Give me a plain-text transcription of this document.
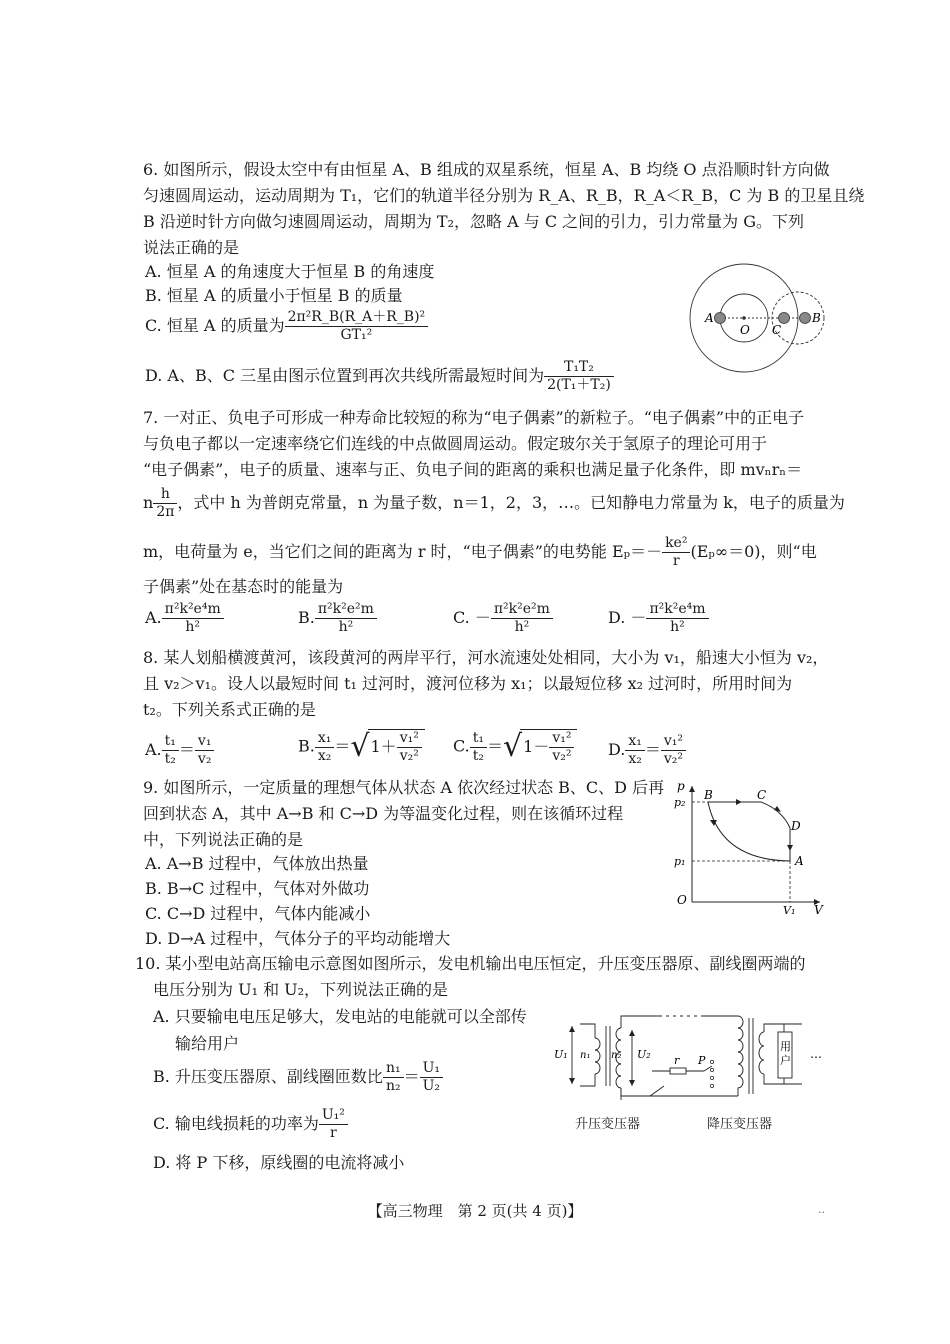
6. 如图所示，假设太空中有由恒星 A、B 组成的双星系统，恒星 A、B 均绕 O 点沿顺时针方向做
匀速圆周运动，运动周期为 T₁，它们的轨道半径分别为 R_A、R_B，R_A＜R_B，C 为 B 的卫星且绕
B 沿逆时针方向做匀速圆周运动，周期为 T₂，忽略 A 与 C 之间的引力，引力常量为 G。下列
说法正确的是
A. 恒星 A 的角速度大于恒星 B 的角速度
B. 恒星 A 的质量小于恒星 B 的质量
C. 恒星 A 的质量为 $\frac{\text{2π²R\_B(R\_A＋R\_B)²}}{\text{GT₁²}}$
D. A、B、C 三星由图示位置到再次共线所需最短时间为 $\frac{\text{T₁T₂}}{\text{2(T₁＋T₂)}}$
A
O C
B
7. 一对正、负电子可形成一种寿命比较短的称为“电子偶素”的新粒子。“电子偶素”中的正电子
与负电子都以一定速率绕它们连线的中点做圆周运动。假定玻尔关于氢原子的理论可用于
“电子偶素”，电子的质量、速率与正、负电子间的距离的乘积也满足量子化条件，即 mvₙrₙ＝
n $\frac{h}{2\pi}$ ，式中 h 为普朗克常量，n 为量子数，n＝1，2，3，…。已知静电力常量为 k，电子的质量为
m，电荷量为 e，当它们之间的距离为 r 时，“电子偶素”的电势能 $E_p=- \frac{\text{ke²}}{r} (E_p\infty=0)$，则“电
子偶素”处在基态时的能量为
A. $\frac{\text{π²k²e⁴m}}{\text{h²}}$	B. $\frac{\text{π²k²e²m}}{\text{h²}}$	C. － $\frac{\text{π²k²e²m}}{\text{h²}}$	D. － $\frac{\text{π²k²e⁴m}}{\text{h²}}$
8. 某人划船横渡黄河，该段黄河的两岸平行，河水流速处处相同，大小为 v₁，船速大小恒为 v₂，
且 v₂＞v₁。设人以最短时间 t₁ 过河时，渡河位移为 x₁；以最短位移 x₂ 过河时，所用时间为
t₂。下列关系式正确的是
A. $\frac{\text{t₁}}{\text{t₂}} = \frac{\text{v₁}}{\text{v₂}}$	B. $\frac{\text{x₁}}{\text{x₂}} =√1+ \frac{\text{v₁²}}{\text{v₂²}} C$. $\frac{\text{t₁}}{\text{t₂}} =√1- \frac{\text{v₁²}}{\text{v₂²}} D$. $\frac{\text{x₁}}{\text{x₂}} = \frac{\text{v₁²}}{\text{v₂²}}$
9. 如图所示，一定质量的理想气体从状态 A 依次经过状态 B、C、D 后再
回到状态 A，其中 A→B 和 C→D 为等温变化过程，则在该循环过程
中，下列说法正确的是
A. A→B 过程中，气体放出热量
B. B→C 过程中，气体对外做功
C. C→D 过程中，气体内能减小
D. D→A 过程中，气体分子的平均动能增大
p
p₂
p₁
O
V₁ V
B	C
D
A
10. 某小型电站高压输电示意图如图所示，发电机输出电压恒定，升压变压器原、副线圈两端的
电压分别为 U₁ 和 U₂，下列说法正确的是
A. 只要输电电压足够大，发电站的电能就可以全部传
输给用户
B. 升压变压器原、副线圈匝数比 $\frac{\text{n₁}}{\text{n₂}} = \frac{\text{U₁}}{\text{U₂}}$
C. 输电线损耗的功率为 $\frac{\text{U₁²}}{r}$
D. 将 P 下移，原线圈的电流将减小
U₁ n₁ n₂ U₂ r P
用
户 …
升压变压器	降压变压器
【高三物理　第 2 页(共 4 页)】	..
